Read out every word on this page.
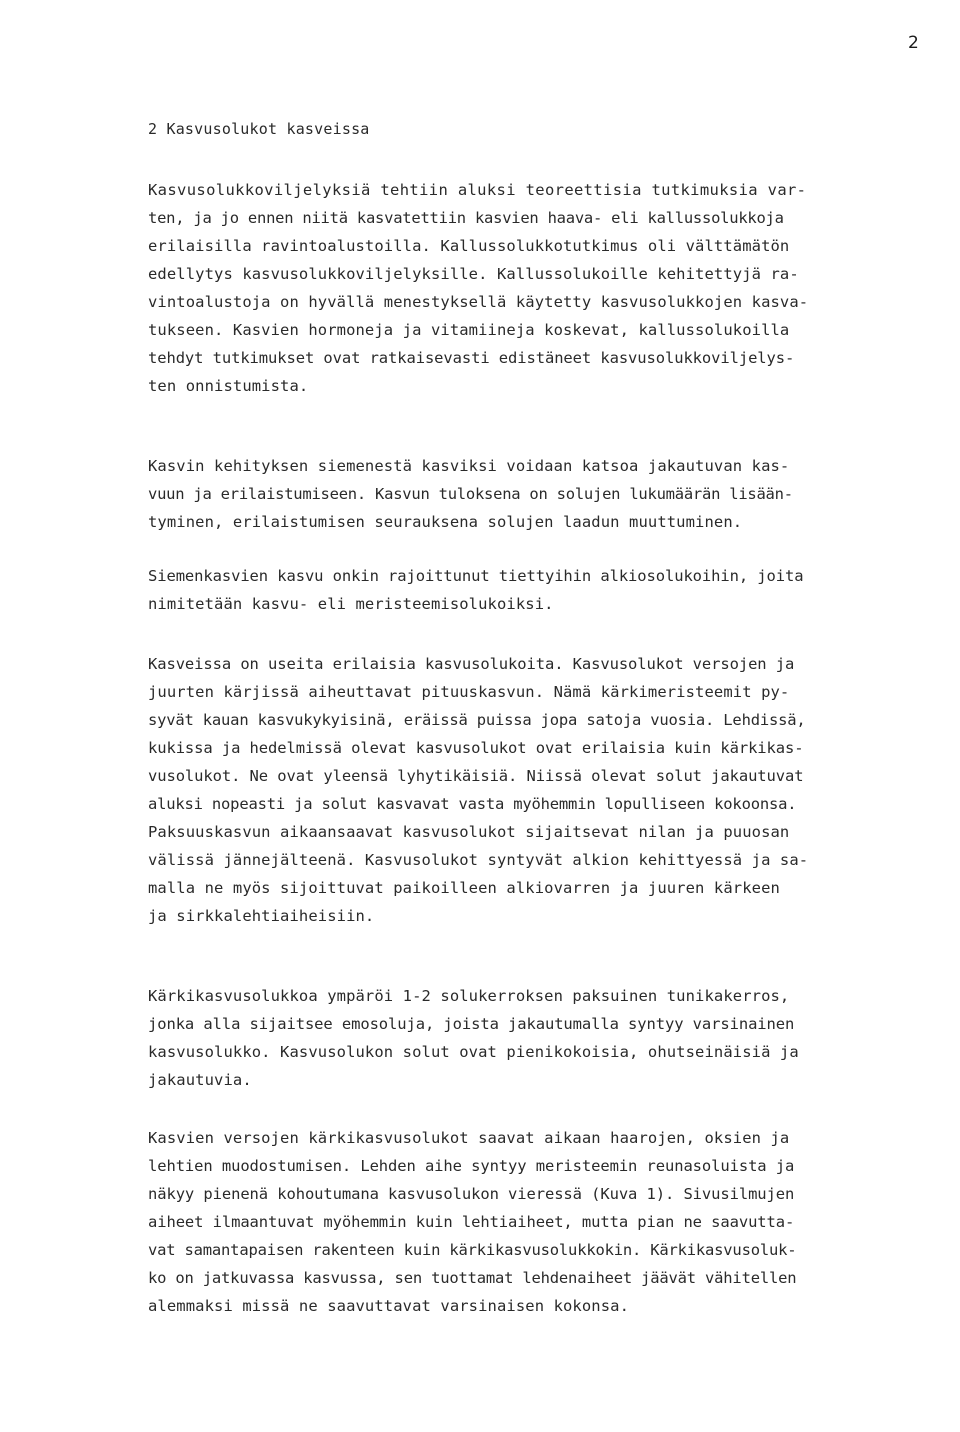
2
2 Kasvusolukot kasveissa
Kasvusolukkoviljelyksiä tehtiin aluksi teoreettisia tutkimuksia var-
ten, ja jo ennen niitä kasvatettiin kasvien haava- eli kallussolukkoja
erilaisilla ravintoalustoilla. Kallussolukkotutkimus oli välttämätön
edellytys kasvusolukkoviljelyksille. Kallussolukoille kehitettyjä ra-
vintoalustoja on hyvällä menestyksellä käytetty kasvusolukkojen kasva-
tukseen. Kasvien hormoneja ja vitamiineja koskevat, kallussolukoilla
tehdyt tutkimukset ovat ratkaisevasti edistäneet kasvusolukkoviljelys-
ten onnistumista.
Kasvin kehityksen siemenestä kasviksi voidaan katsoa jakautuvan kas-
vuun ja erilaistumiseen. Kasvun tuloksena on solujen lukumäärän lisään-
tyminen, erilaistumisen seurauksena solujen laadun muuttuminen.
Siemenkasvien kasvu onkin rajoittunut tiettyihin alkiosolukoihin, joita
nimitetään kasvu- eli meristeemisolukoiksi.
Kasveissa on useita erilaisia kasvusolukoita. Kasvusolukot versojen ja
juurten kärjissä aiheuttavat pituuskasvun. Nämä kärkimeristeemit py-
syvät kauan kasvukykyisinä, eräissä puissa jopa satoja vuosia. Lehdissä,
kukissa ja hedelmissä olevat kasvusolukot ovat erilaisia kuin kärkikas-
vusolukot. Ne ovat yleensä lyhytikäisiä. Niissä olevat solut jakautuvat
aluksi nopeasti ja solut kasvavat vasta myöhemmin lopulliseen kokoonsa.
Paksuuskasvun aikaansaavat kasvusolukot sijaitsevat nilan ja puuosan
välissä jännejälteenä. Kasvusolukot syntyvät alkion kehittyessä ja sa-
malla ne myös sijoittuvat paikoilleen alkiovarren ja juuren kärkeen
ja sirkkalehtiaiheisiin.
Kärkikasvusolukkoa ympäröi 1-2 solukerroksen paksuinen tunikakerros,
jonka alla sijaitsee emosoluja, joista jakautumalla syntyy varsinainen
kasvusolukko. Kasvusolukon solut ovat pienikokoisia, ohutseinäisiä ja
jakautuvia.
Kasvien versojen kärkikasvusolukot saavat aikaan haarojen, oksien ja
lehtien muodostumisen. Lehden aihe syntyy meristeemin reunasoluista ja
näkyy pienenä kohoutumana kasvusolukon vieressä (Kuva 1). Sivusilmujen
aiheet ilmaantuvat myöhemmin kuin lehtiaiheet, mutta pian ne saavutta-
vat samantapaisen rakenteen kuin kärkikasvusolukkokin. Kärkikasvusoluk-
ko on jatkuvassa kasvussa, sen tuottamat lehdenaiheet jäävät vähitellen
alemmaksi missä ne saavuttavat varsinaisen kokonsa.
